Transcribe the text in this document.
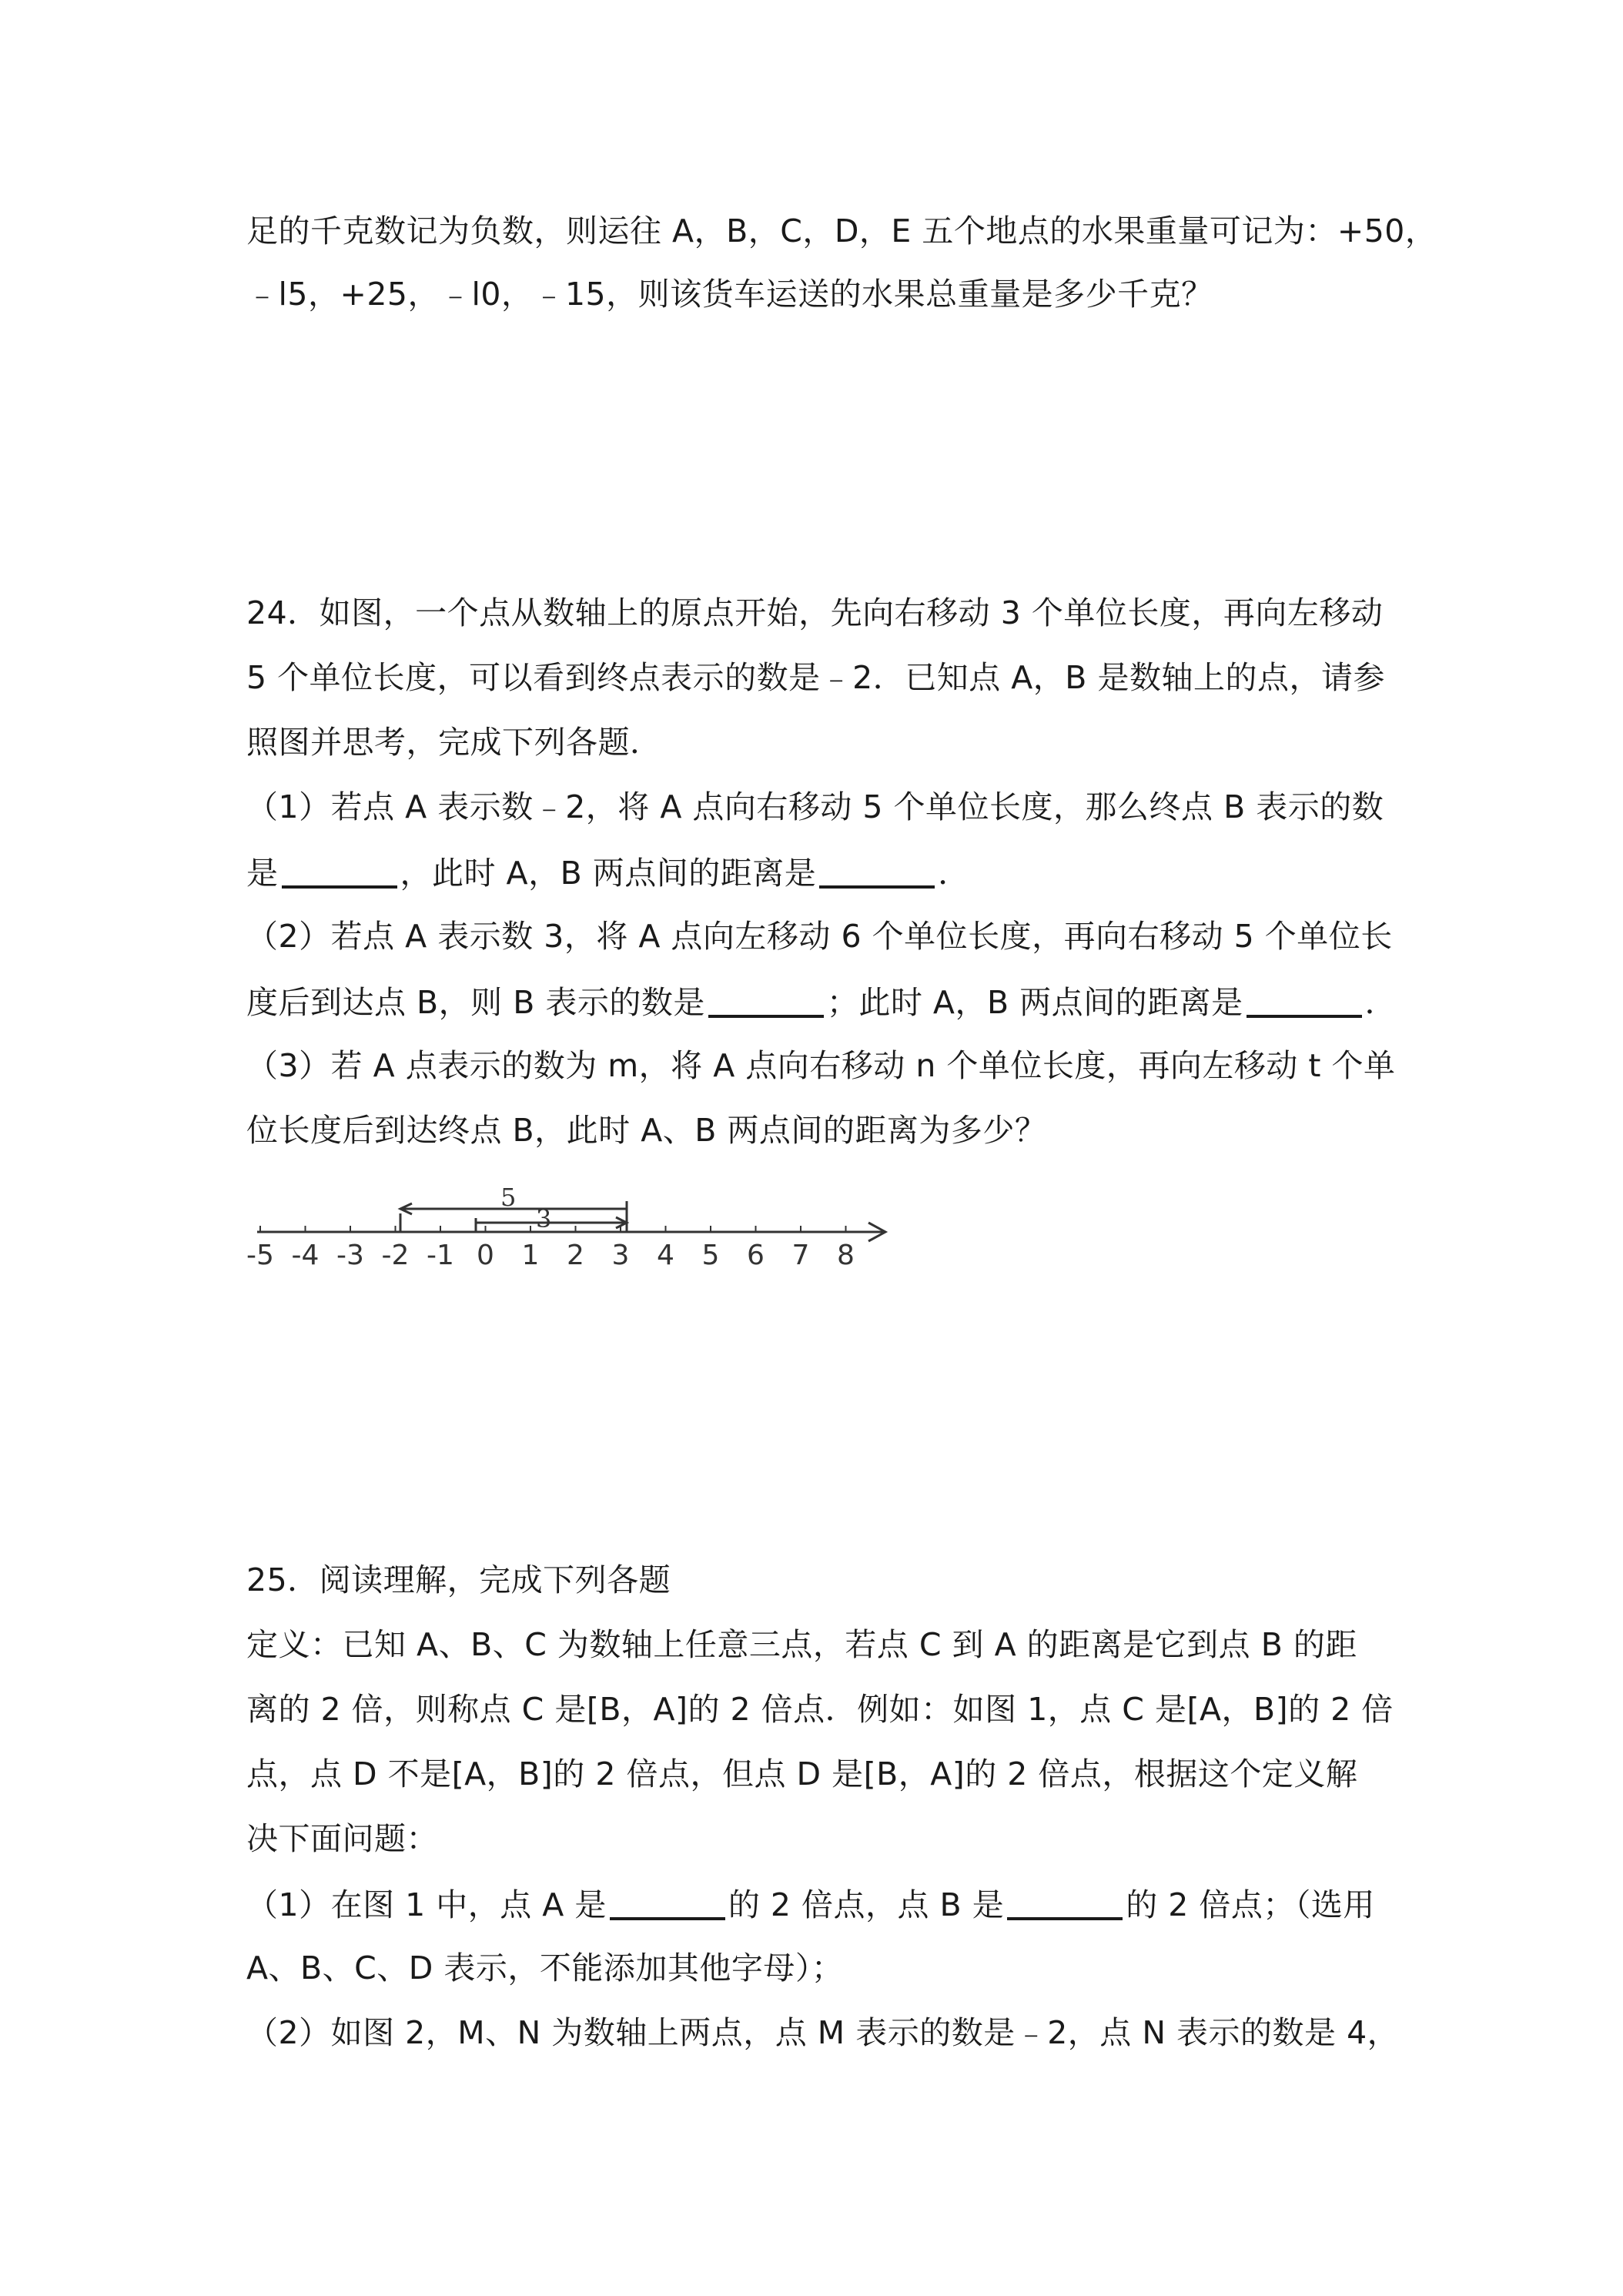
足的千克数记为负数，则运往 A，B，C，D，E 五个地点的水果重量可记为：+50，
﹣l5，+25，﹣l0，﹣15，则该货车运送的水果总重量是多少千克？
24．如图，一个点从数轴上的原点开始，先向右移动 3 个单位长度，再向左移动
5 个单位长度，可以看到终点表示的数是﹣2．已知点 A，B 是数轴上的点，请参
照图并思考，完成下列各题．
（1）若点 A 表示数﹣2，将 A 点向右移动 5 个单位长度，那么终点 B 表示的数
是	，此时 A，B 两点间的距离是	．
（2）若点 A 表示数 3，将 A 点向左移动 6 个单位长度，再向右移动 5 个单位长
度后到达点 B，则 B 表示的数是	；此时 A，B 两点间的距离是	．
（3）若 A 点表示的数为 m，将 A 点向右移动 n 个单位长度，再向左移动 t 个单
位长度后到达终点 B，此时 A、B 两点间的距离为多少？
-5 -4 -3 -2 -1 0 1 2 3 4 5 6 7 8
5
3
25．阅读理解，完成下列各题
定义：已知 A、B、C 为数轴上任意三点，若点 C 到 A 的距离是它到点 B 的距
离的 2 倍，则称点 C 是[B，A]的 2 倍点．例如：如图 1，点 C 是[A，B]的 2 倍
点，点 D 不是[A，B]的 2 倍点，但点 D 是[B，A]的 2 倍点，根据这个定义解
决下面问题：
（1）在图 1 中，点 A 是	的 2 倍点，点 B 是	的 2 倍点；（选用
A、B、C、D 表示，不能添加其他字母）；
（2）如图 2，M、N 为数轴上两点，点 M 表示的数是﹣2，点 N 表示的数是 4，
